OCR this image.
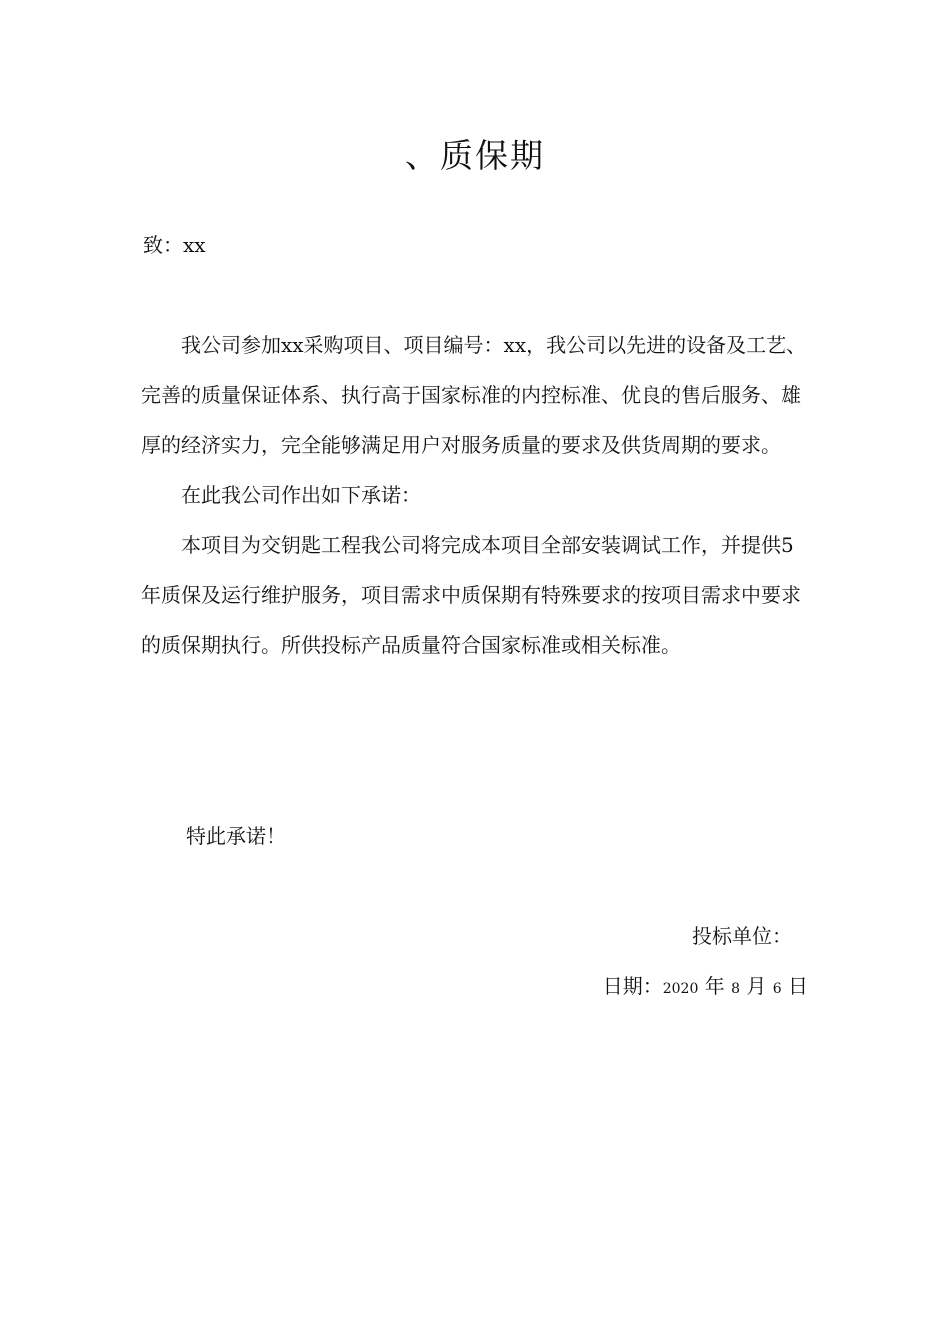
、质保期
致：xx

我公司参加xx采购项目、项目编号：xx，我公司以先进的设备及工艺、完善的质量保证体系、执行高于国家标准的内控标准、优良的售后服务、雄厚的经济实力，完全能够满足用户对服务质量的要求及供货周期的要求。

在此我公司作出如下承诺：

本项目为交钥匙工程我公司将完成本项目全部安装调试工作，并提供5年质保及运行维护服务，项目需求中质保期有特殊要求的按项目需求中要求的质保期执行。所供投标产品质量符合国家标准或相关标准。

特此承诺！
投标单位：
日期：2020 年 8 月 6 日
